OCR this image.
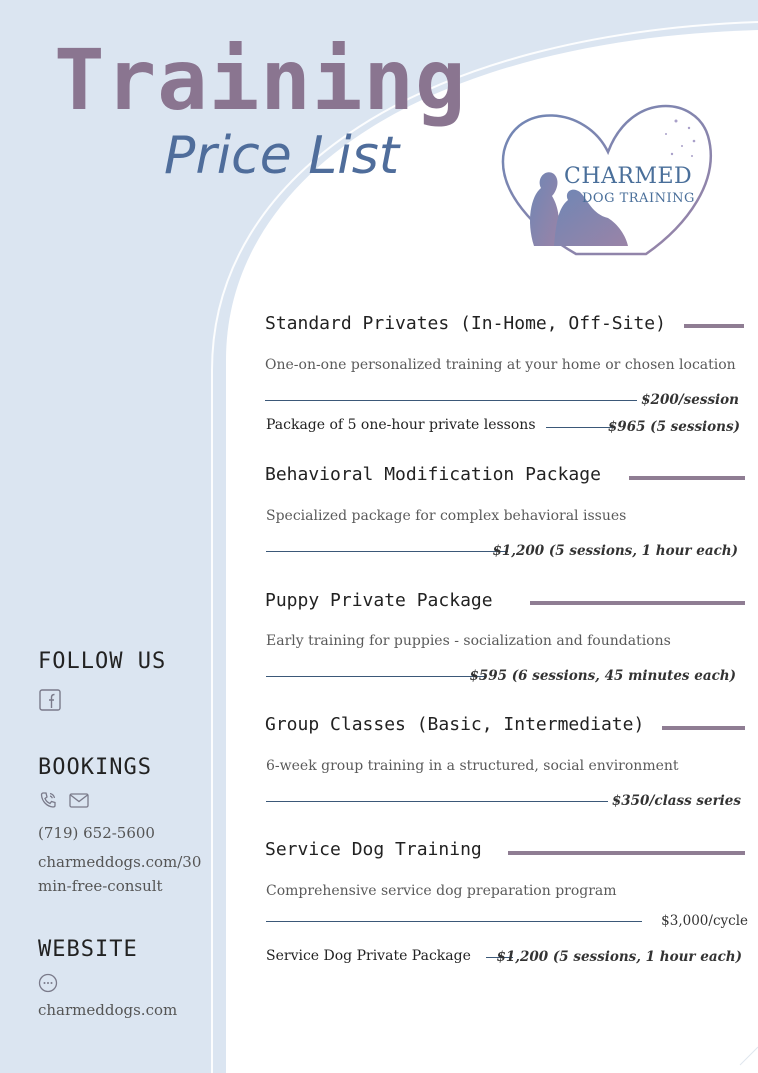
Training
Price List	CHARMED
DOG TRAINING
Standard Privates (In-Home, Off-Site)
One-on-one personalized training at your home or chosen location
$200/session
Package of 5 one-hour private lessons	$965 (5 sessions)
Behavioral Modification Package
Specialized package for complex behavioral issues
$1,200 (5 sessions, 1 hour each)
Puppy Private Package
Early training for puppies - socialization and foundations
$595 (6 sessions, 45 minutes each)
Group Classes (Basic, Intermediate)
6-week group training in a structured, social environment
$350/class series
Service Dog Training
Comprehensive service dog preparation program
$3,000/cycle
Service Dog Private Package $1,200 (5 sessions, 1 hour each)
FOLLOW US
BOOKINGS
(719) 652-5600
charmeddogs.com/30
min-free-consult
WEBSITE
charmeddogs.com
